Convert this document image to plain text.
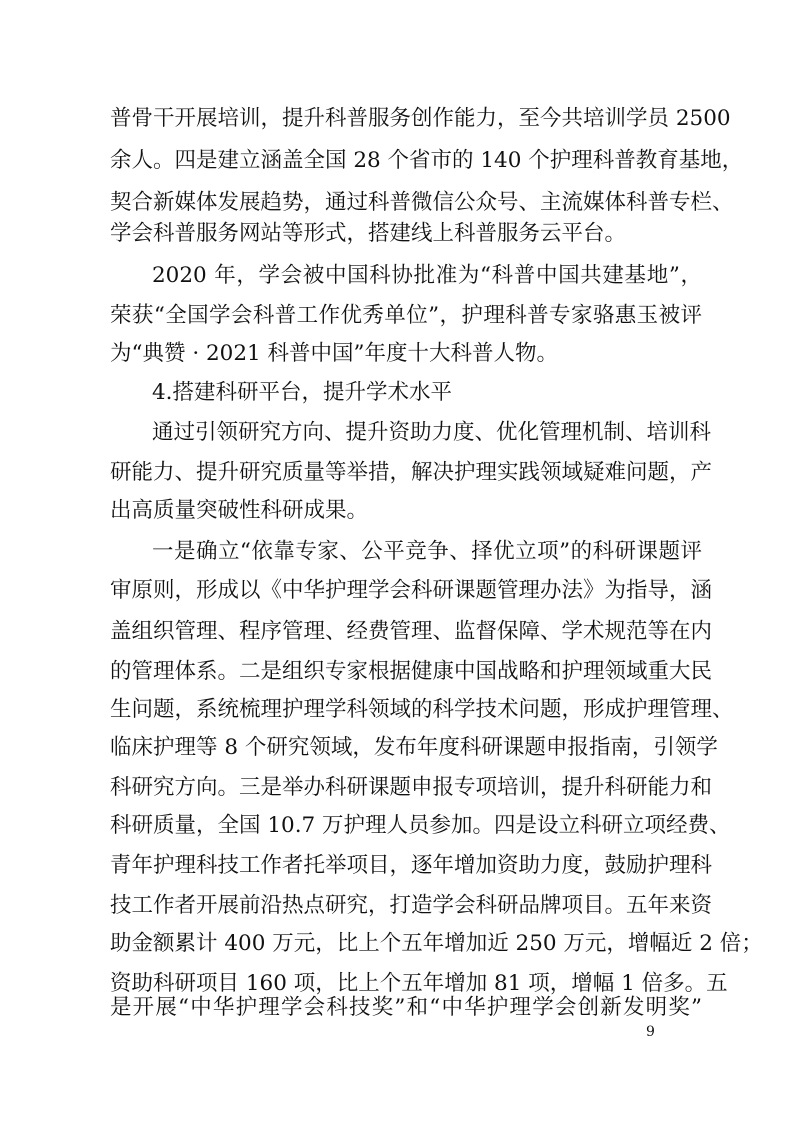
普骨干开展培训，提升科普服务创作能力，至今共培训学员 2500
余人。四是建立涵盖全国 28 个省市的 140 个护理科普教育基地，
契合新媒体发展趋势，通过科普微信公众号、主流媒体科普专栏、
学会科普服务网站等形式，搭建线上科普服务云平台。
2020 年，学会被中国科协批准为“科普中国共建基地”，
荣获“全国学会科普工作优秀单位”，护理科普专家骆惠玉被评
为“典赞 · 2021 科普中国”年度十大科普人物。
4.搭建科研平台，提升学术水平
通过引领研究方向、提升资助力度、优化管理机制、培训科
研能力、提升研究质量等举措，解决护理实践领域疑难问题，产
出高质量突破性科研成果。
一是确立“依靠专家、公平竞争、择优立项”的科研课题评
审原则，形成以《中华护理学会科研课题管理办法》为指导，涵
盖组织管理、程序管理、经费管理、监督保障、学术规范等在内
的管理体系。二是组织专家根据健康中国战略和护理领域重大民
生问题，系统梳理护理学科领域的科学技术问题，形成护理管理、
临床护理等 8 个研究领域，发布年度科研课题申报指南，引领学
科研究方向。三是举办科研课题申报专项培训，提升科研能力和
科研质量，全国 10.7 万护理人员参加。四是设立科研立项经费、
青年护理科技工作者托举项目，逐年增加资助力度，鼓励护理科
技工作者开展前沿热点研究，打造学会科研品牌项目。五年来资
助金额累计 400 万元，比上个五年增加近 250 万元，增幅近 2 倍；
资助科研项目 160 项，比上个五年增加 81 项，增幅 1 倍多。五
是开展“中华护理学会科技奖”和“中华护理学会创新发明奖”
9
